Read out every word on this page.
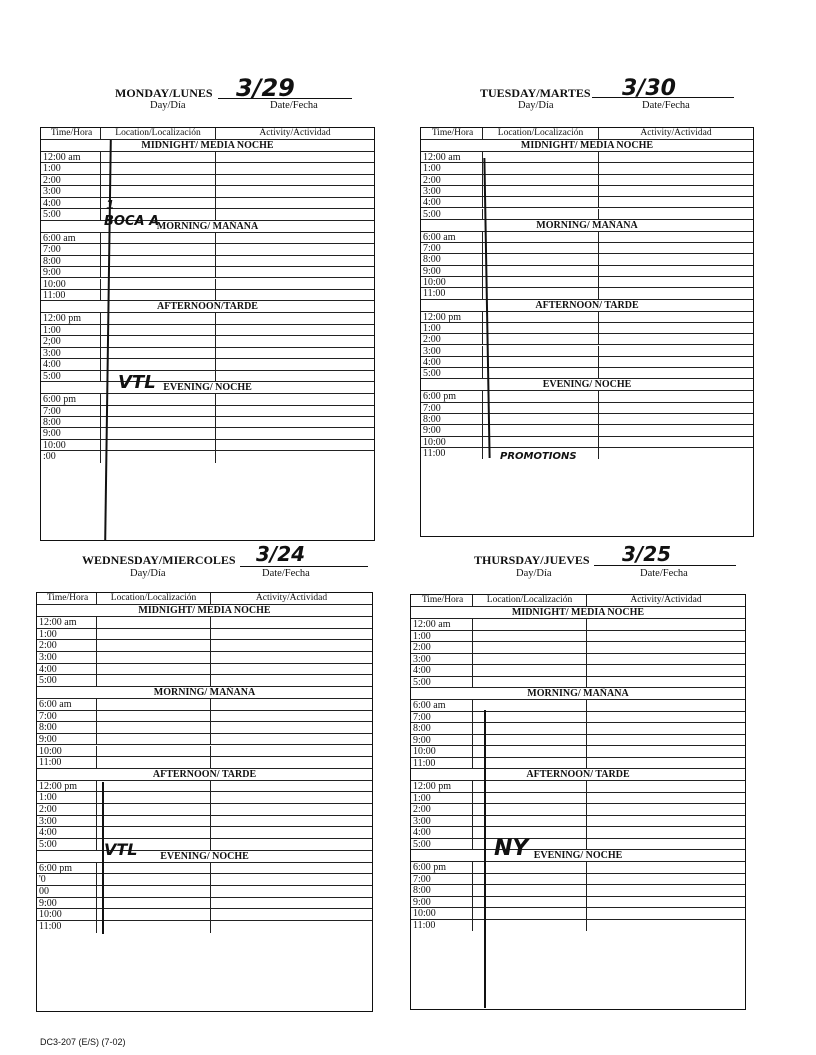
MONDAY/LUNES 3/29
Day/Día	Date/Fecha
Time/Hora	Location/Localización	Activity/Actividad
MIDNIGHT/ MEDIA NOCHE
12:00 am
1:00
2:00
3:00
4:00
5:00
MORNING/ MAÑANA
6:00 am
7:00
8:00
9:00
10:00
11:00
AFTERNOON/TARDE
12:00 pm
1:00
2;00
3:00
4:00
5:00
EVENING/ NOCHE
6:00 pm
7:00
8:00
9:00
10:00
:00
1
BOCA A
VTL
TUESDAY/MARTES 3/30
Day/Día	Date/Fecha
Time/Hora	Location/Localización	Activity/Actividad
MIDNIGHT/ MEDIA NOCHE
12:00 am
1:00
2:00
3:00
4:00
5:00
MORNING/ MAÑANA
6:00 am
7:00
8:00
9:00
10:00
11:00
AFTERNOON/ TARDE
12:00 pm
1:00
2:00
3:00
4:00
5:00
EVENING/ NOCHE
6:00 pm
7:00
8:00
9:00
10:00
11:00	PROMOTIONS
WEDNESDAY/MIERCOLES 3/24
Day/Día	Date/Fecha
Time/Hora	Location/Localización	Activity/Actividad
MIDNIGHT/ MEDIA NOCHE
12:00 am
1:00
2:00
3:00
4:00
5:00
MORNING/ MAÑANA
6:00 am
7:00
8:00
9:00
10:00
11:00
AFTERNOON/ TARDE
12:00 pm
1:00
2:00
3:00
4:00
5:00
EVENING/ NOCHE
6:00 pm
'0
00
9:00
10:00
11:00
VTL
THURSDAY/JUEVES 3/25
Day/Día	Date/Fecha
Time/Hora	Location/Localización	Activity/Actividad
MIDNIGHT/ MEDIA NOCHE
12:00 am
1:00
2:00
3:00
4:00
5:00
MORNING/ MAÑANA
6:00 am
7:00
8:00
9:00
10:00
11:00
AFTERNOON/ TARDE
12:00 pm
1:00
2:00
3:00
4:00
5:00
EVENING/ NOCHE
6:00 pm
7:00
8:00
9:00
10:00
11:00
NY
DC3-207 (E/S) (7-02)
